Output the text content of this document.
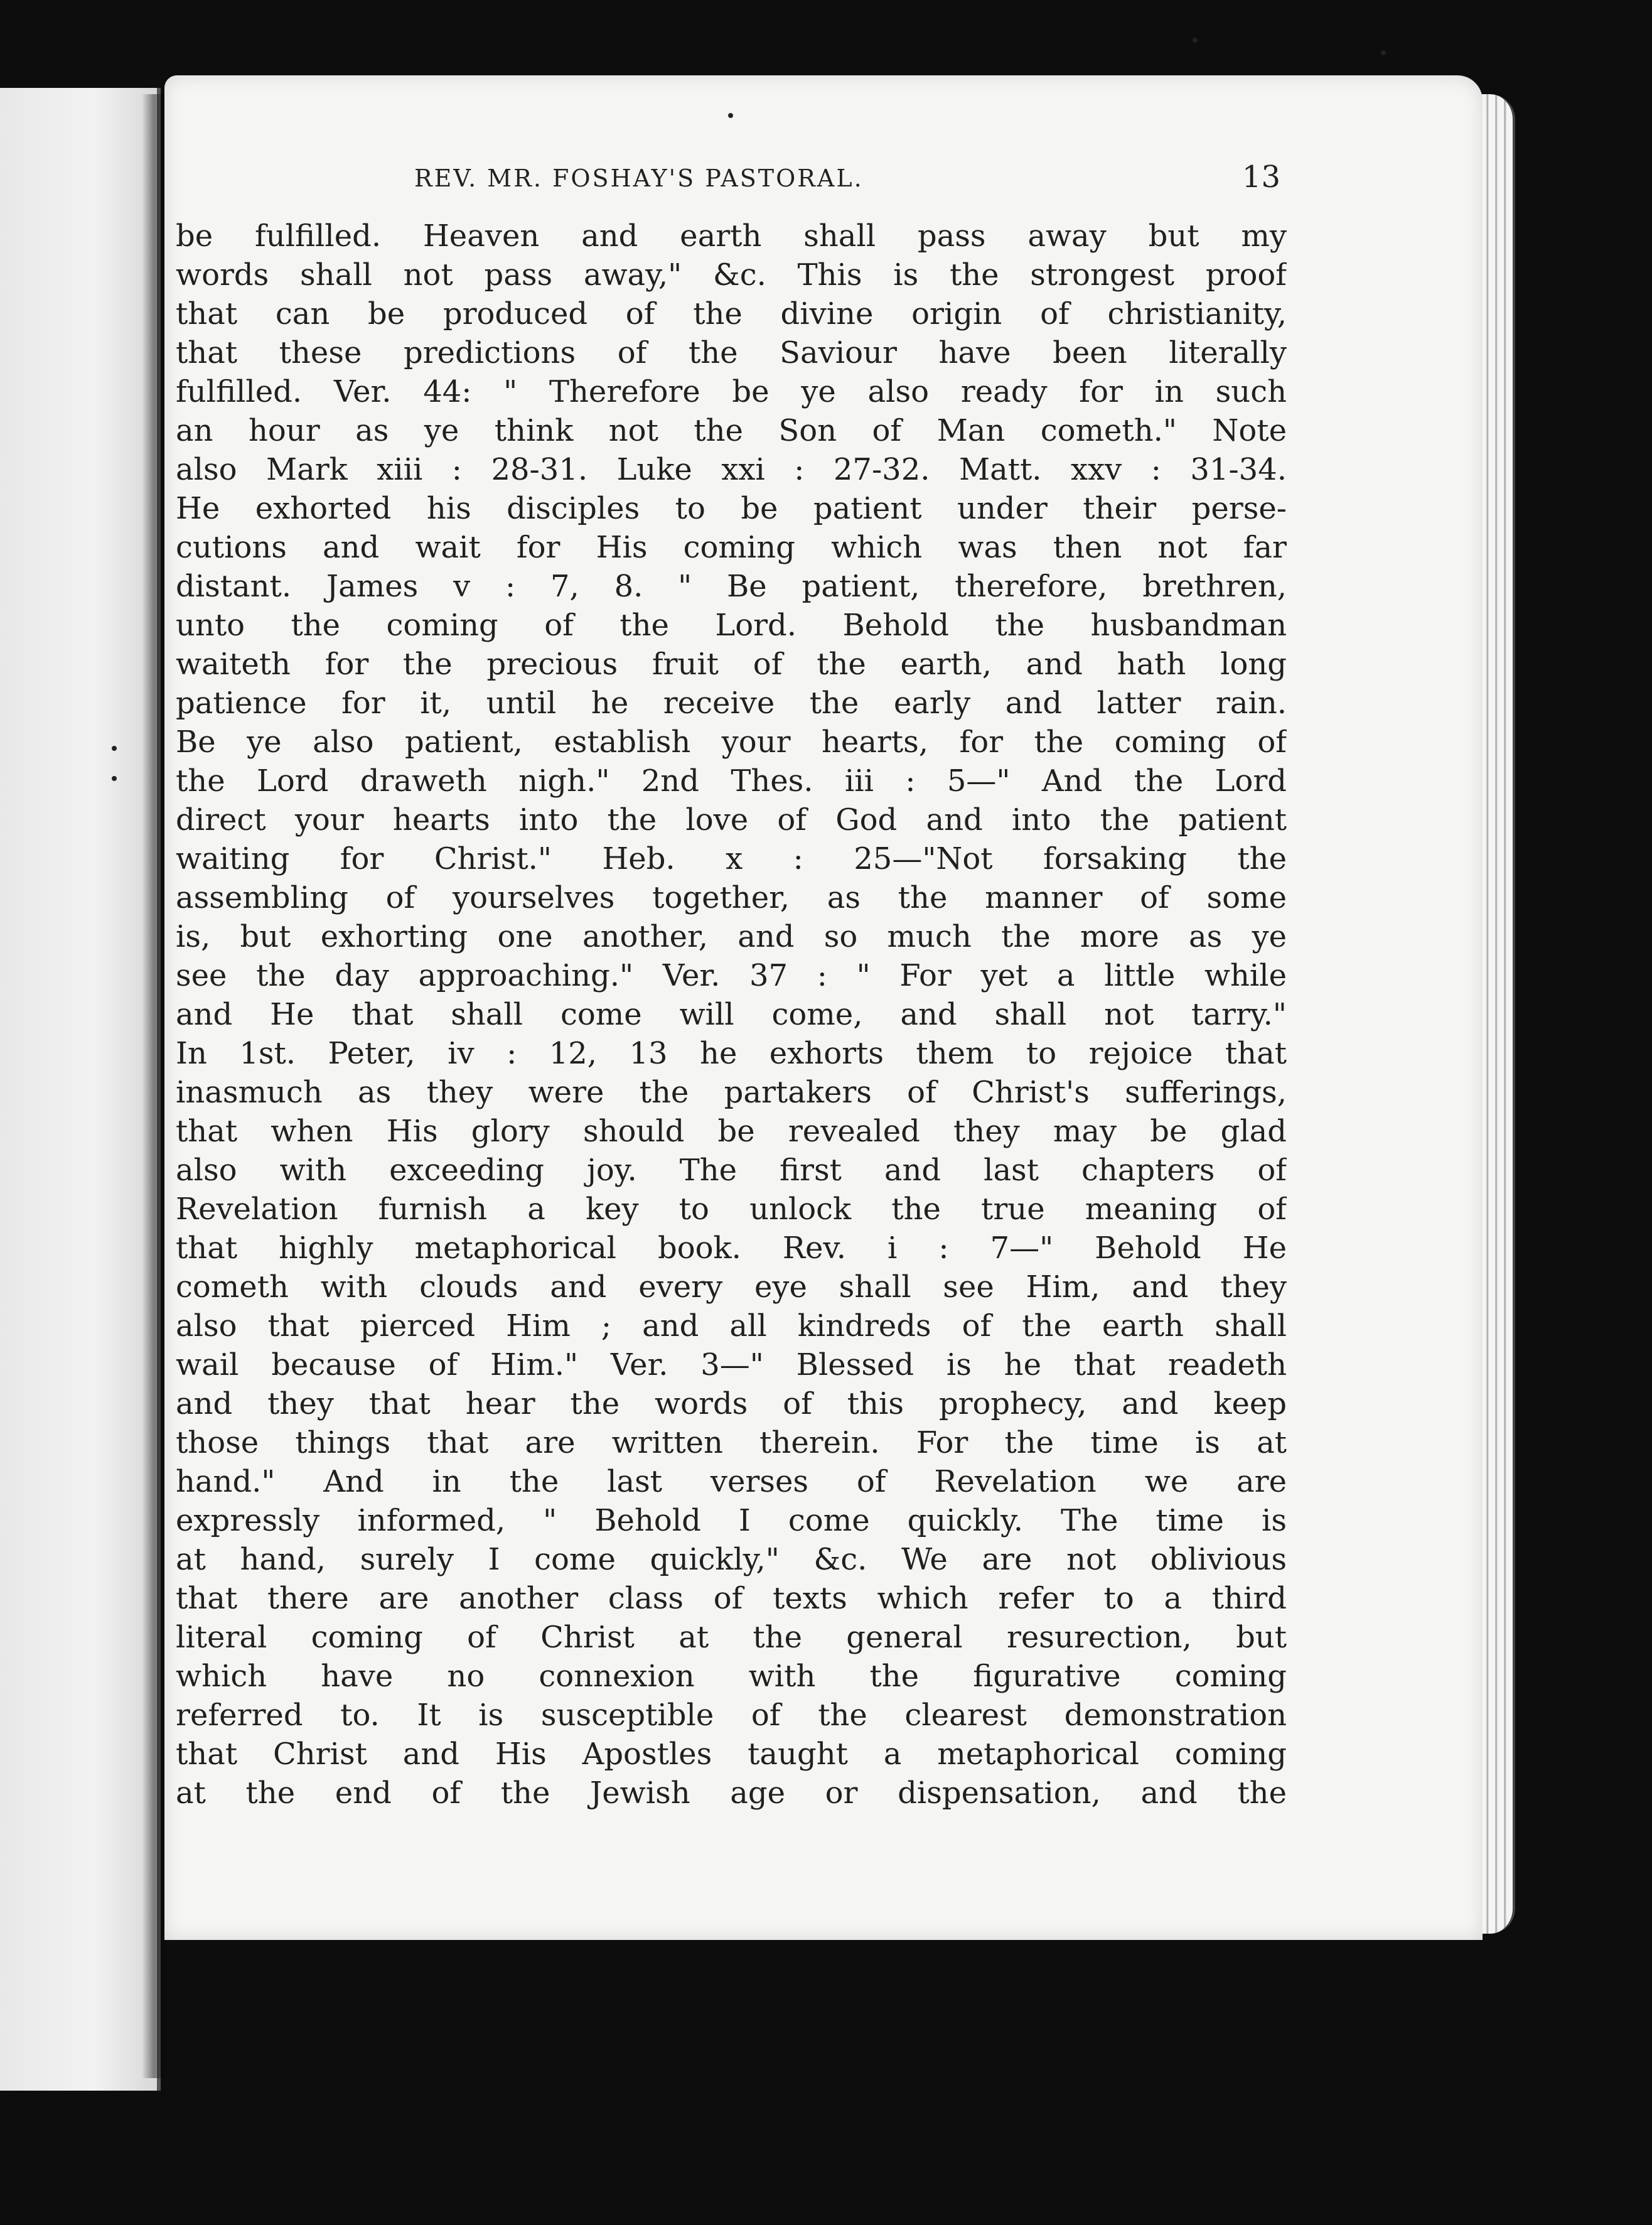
REV. MR. FOSHAY'S PASTORAL.	13
be fulfilled. Heaven and earth shall pass away but my
words shall not pass away," &c. This is the strongest proof
that can be produced of the divine origin of christianity,
that these predictions of the Saviour have been literally
fulfilled. Ver. 44: " Therefore be ye also ready for in such
an hour as ye think not the Son of Man cometh." Note
also Mark xiii : 28-31. Luke xxi : 27-32. Matt. xxv : 31-34.
He exhorted his disciples to be patient under their perse-
cutions and wait for His coming which was then not far
distant. James v : 7, 8. " Be patient, therefore, brethren,
unto the coming of the Lord. Behold the husbandman
waiteth for the precious fruit of the earth, and hath long
patience for it, until he receive the early and latter rain.
Be ye also patient, establish your hearts, for the coming of
the Lord draweth nigh." 2nd Thes. iii : 5—" And the Lord
direct your hearts into the love of God and into the patient
waiting for Christ." Heb. x : 25—"Not forsaking the
assembling of yourselves together, as the manner of some
is, but exhorting one another, and so much the more as ye
see the day approaching." Ver. 37 : " For yet a little while
and He that shall come will come, and shall not tarry."
In 1st. Peter, iv : 12, 13 he exhorts them to rejoice that
inasmuch as they were the partakers of Christ's sufferings,
that when His glory should be revealed they may be glad
also with exceeding joy. The first and last chapters of
Revelation furnish a key to unlock the true meaning of
that highly metaphorical book. Rev. i : 7—" Behold He
cometh with clouds and every eye shall see Him, and they
also that pierced Him ; and all kindreds of the earth shall
wail because of Him." Ver. 3—" Blessed is he that readeth
and they that hear the words of this prophecy, and keep
those things that are written therein. For the time is at
hand." And in the last verses of Revelation we are
expressly informed, " Behold I come quickly. The time is
at hand, surely I come quickly," &c. We are not oblivious
that there are another class of texts which refer to a third
literal coming of Christ at the general resurection, but
which have no connexion with the figurative coming
referred to. It is susceptible of the clearest demonstration
that Christ and His Apostles taught a metaphorical coming
at the end of the Jewish age or dispensation, and the
